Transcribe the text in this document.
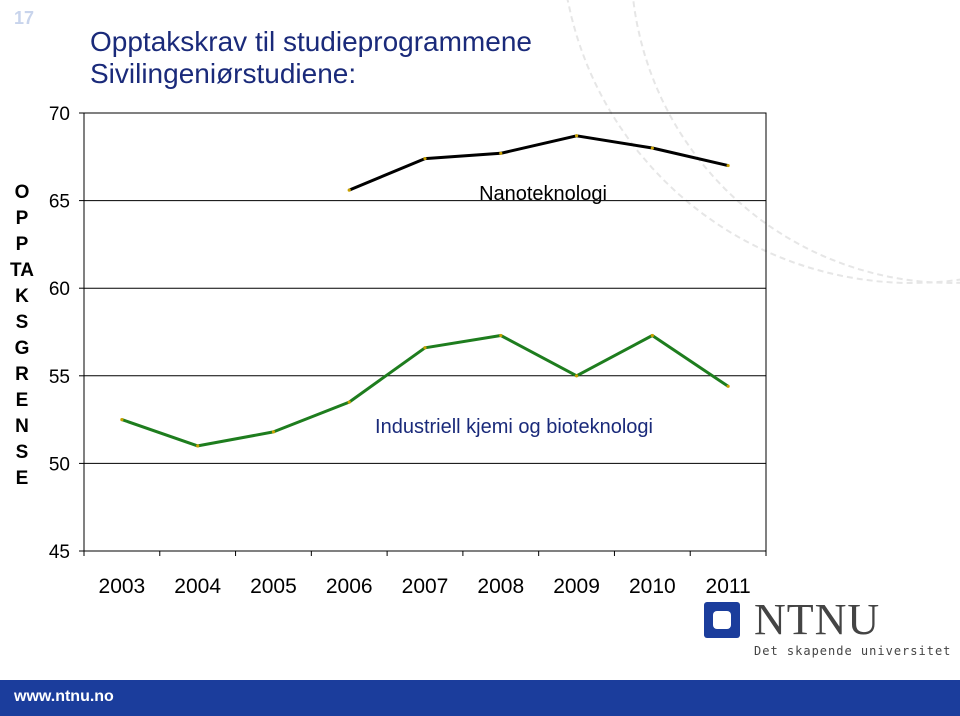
17
Opptakskrav til studieprogrammene
Sivilingeniørstudiene:
OPPTAKSGRENSE
45
50
55
60
65
70
2003 2004 2005 2006 2007 2008 2009 2010 2011
Nanoteknologi
Industriell kjemi og bioteknologi
NTNU
Det skapende universitet
www.ntnu.no
